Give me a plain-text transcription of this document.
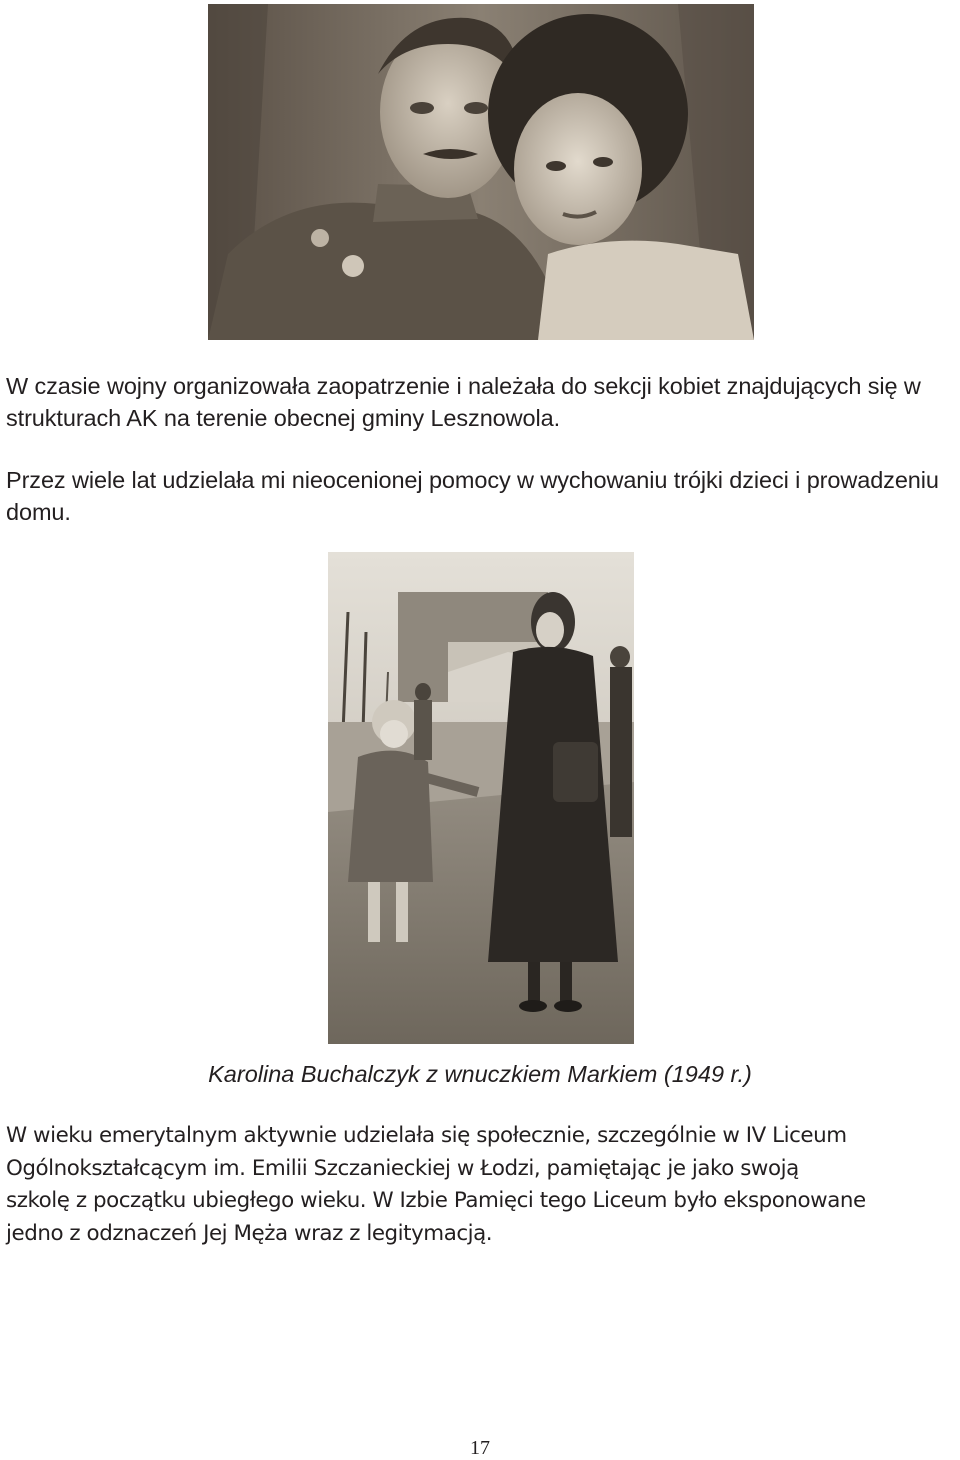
W czasie wojny organizowała zaopatrzenie i należała do sekcji kobiet znajdujących się w strukturach AK na terenie obecnej gminy Lesznowola.

Przez wiele lat udzielała mi nieocenionej pomocy w wychowaniu trójki dzieci i prowadzeniu domu.

Karolina Buchalczyk z wnuczkiem Markiem (1949 r.)

W wieku emerytalnym aktywnie udzielała się społecznie, szczególnie w IV Liceum
Ogólnokształcącym im. Emilii Szczanieckiej w Łodzi, pamiętając je jako swoją
szkolę z początku ubiegłego wieku. W Izbie Pamięci tego Liceum było eksponowane
jedno z odznaczeń Jej Męża wraz z legitymacją.

17
